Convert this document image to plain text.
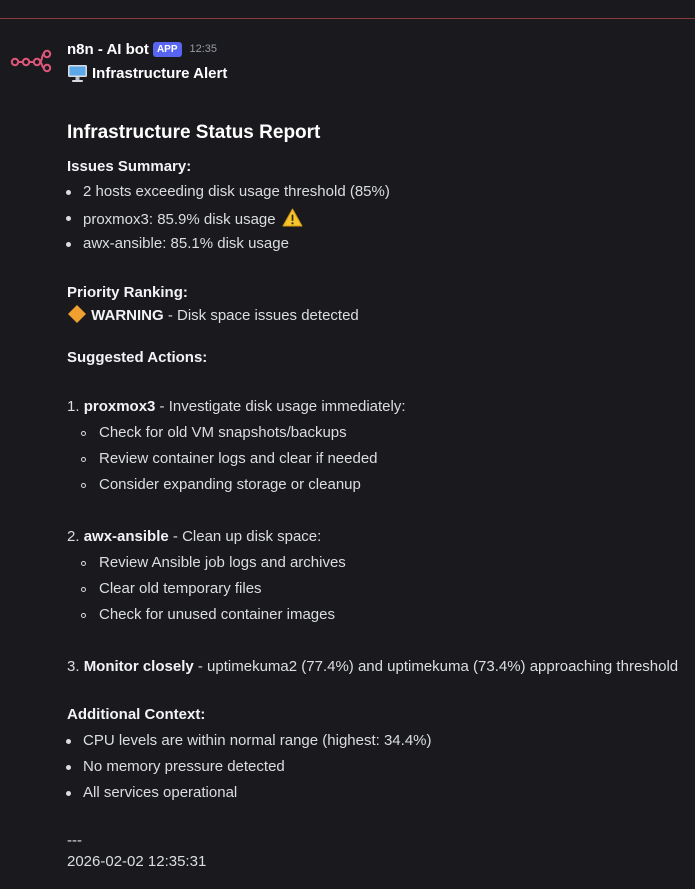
n8n - AI bot APP	12:35
Infrastructure Alert
Infrastructure Status Report
Issues Summary:
2 hosts exceeding disk usage threshold (85%)
proxmox3: 85.9% disk usage
awx-ansible: 85.1% disk usage
Priority Ranking:
WARNING - Disk space issues detected
Suggested Actions:
1. proxmox3 - Investigate disk usage immediately:
Check for old VM snapshots/backups
Review container logs and clear if needed
Consider expanding storage or cleanup
2. awx-ansible - Clean up disk space:
Review Ansible job logs and archives
Clear old temporary files
Check for unused container images
3. Monitor closely - uptimekuma2 (77.4%) and uptimekuma (73.4%) approaching threshold
Additional Context:
CPU levels are within normal range (highest: 34.4%)
No memory pressure detected
All services operational
---
2026-02-02 12:35:31
